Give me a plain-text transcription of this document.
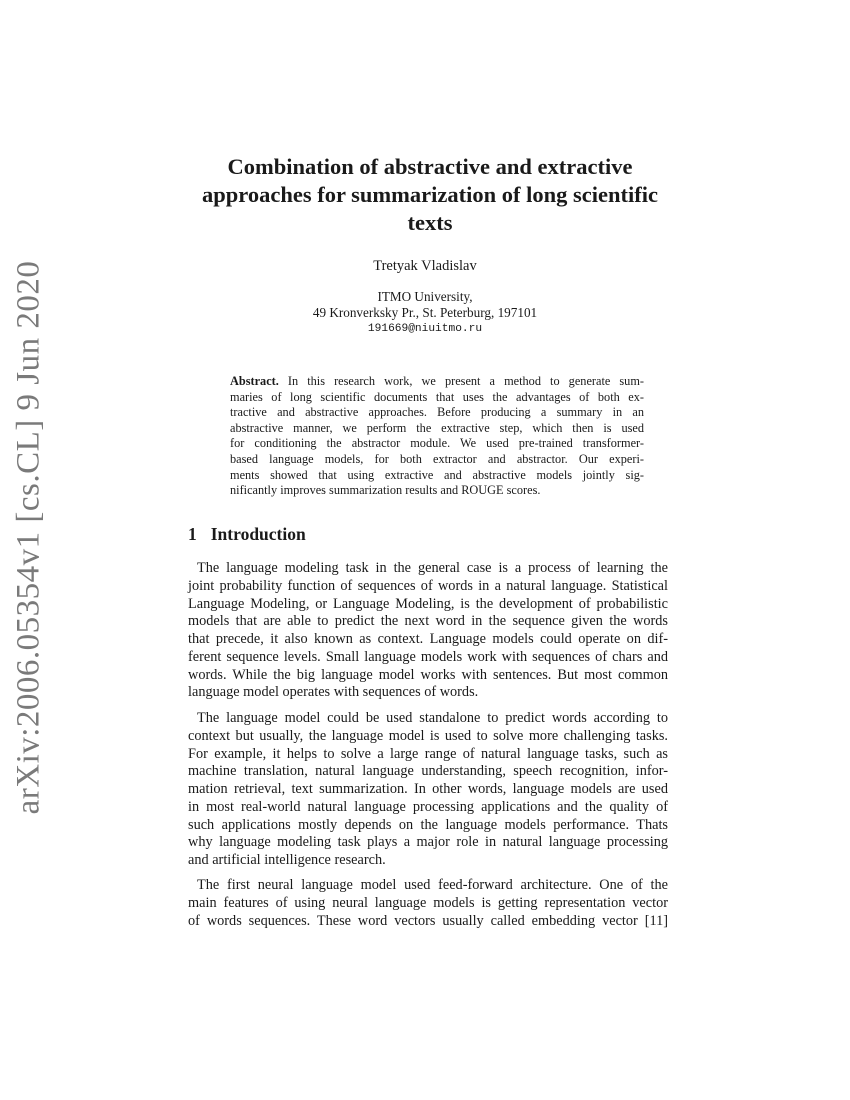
arXiv:2006.05354v1 [cs.CL] 9 Jun 2020
Combination of abstractive and extractive
approaches for summarization of long scientific
texts
Tretyak Vladislav
ITMO University,
49 Kronverksky Pr., St. Peterburg, 197101
191669@niuitmo.ru
Abstract. In this research work, we present a method to generate sum-
maries of long scientific documents that uses the advantages of both ex-
tractive and abstractive approaches. Before producing a summary in an
abstractive manner, we perform the extractive step, which then is used
for conditioning the abstractor module. We used pre-trained transformer-
based language models, for both extractor and abstractor. Our experi-
ments showed that using extractive and abstractive models jointly sig-
nificantly improves summarization results and ROUGE scores.
1 Introduction
The language modeling task in the general case is a process of learning the
joint probability function of sequences of words in a natural language. Statistical
Language Modeling, or Language Modeling, is the development of probabilistic
models that are able to predict the next word in the sequence given the words
that precede, it also known as context. Language models could operate on dif-
ferent sequence levels. Small language models work with sequences of chars and
words. While the big language model works with sentences. But most common
language model operates with sequences of words.
The language model could be used standalone to predict words according to
context but usually, the language model is used to solve more challenging tasks.
For example, it helps to solve a large range of natural language tasks, such as
machine translation, natural language understanding, speech recognition, infor-
mation retrieval, text summarization. In other words, language models are used
in most real-world natural language processing applications and the quality of
such applications mostly depends on the language models performance. Thats
why language modeling task plays a major role in natural language processing
and artificial intelligence research.
The first neural language model used feed-forward architecture. One of the
main features of using neural language models is getting representation vector
of words sequences. These word vectors usually called embedding vector [11]
